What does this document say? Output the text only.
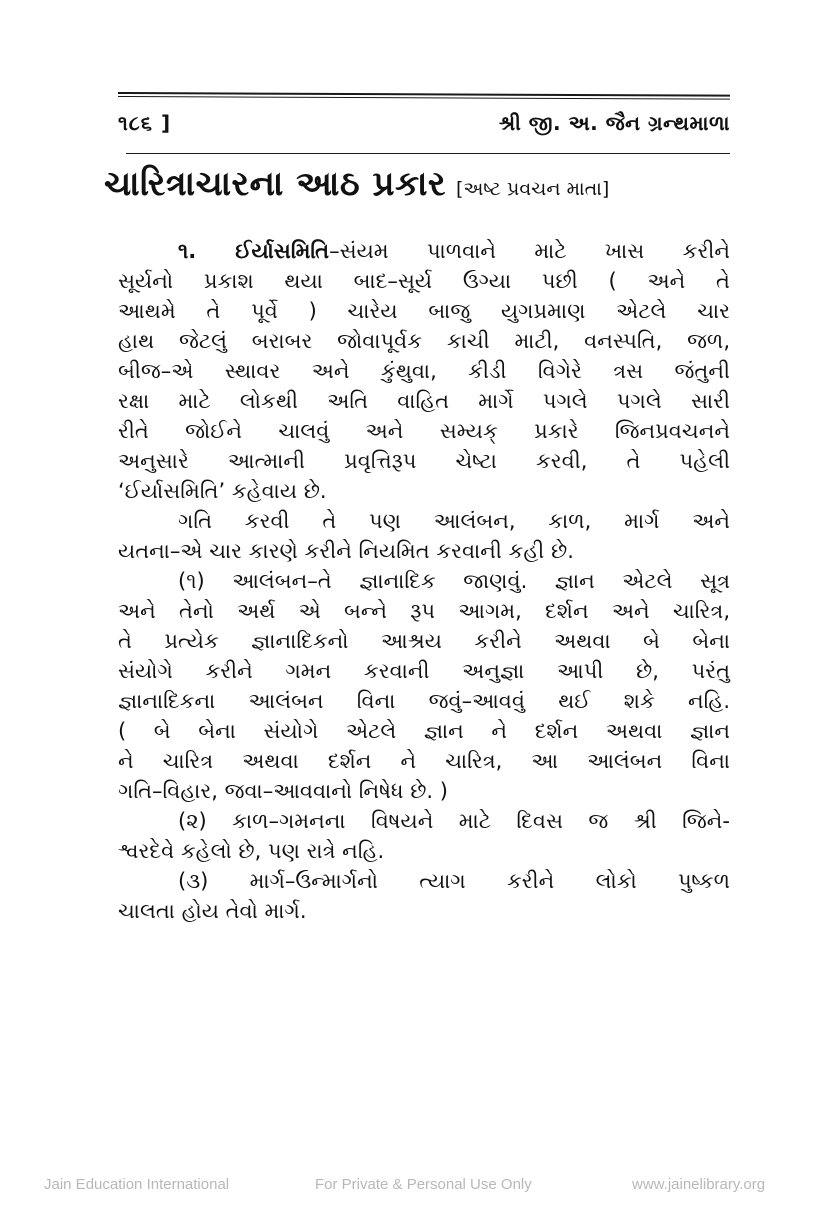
૧૮૬ ]	શ્રી જી. અ. જૈન ગ્રન્થમાળા
ચારિત્રાચારના આઠ પ્રકાર [અષ્ટ પ્રવચન માતા]
૧. ઈર્યાસમિતિ–સંયમ પાળવાને માટે ખાસ કરીને
સૂર્યનો પ્રકાશ થયા બાદ–સૂર્ય ઉગ્યા પછી ( અને તે
આથમે તે પૂર્વે ) ચારેય બાજુ યુગપ્રમાણ એટલે ચાર
હાથ જેટલું બરાબર જોવાપૂર્વક કાચી માટી, વનસ્પતિ, જળ,
બીજ–એ સ્થાવર અને કુંથુવા, કીડી વિગેરે ત્રસ જંતુની
રક્ષા માટે લોકથી અતિ વાહિત માર્ગે પગલે પગલે સારી
રીતે જોઈને ચાલવું અને સમ્યક્ પ્રકારે જિનપ્રવચનને
અનુસારે આત્માની પ્રવૃત્તિરૂપ ચેષ્ટા કરવી, તે પહેલી
‘ઈર્યાસમિતિ’ કહેવાય છે.
ગતિ કરવી તે પણ આલંબન, કાળ, માર્ગ અને
યતના–એ ચાર કારણે કરીને નિયમિત કરવાની કહી છે.
(૧) આલંબન–તે જ્ઞાનાદિક જાણવું. જ્ઞાન એટલે સૂત્ર
અને તેનો અર્થ એ બન્ને રૂપ આગમ, દર્શન અને ચારિત્ર,
તે પ્રત્યેક જ્ઞાનાદિકનો આશ્રય કરીને અથવા બે બેના
સંયોગે કરીને ગમન કરવાની અનુજ્ઞા આપી છે, પરંતુ
જ્ઞાનાદિકના આલંબન વિના જવું–આવવું થઈ શકે નહિ.
( બે બેના સંયોગે એટલે જ્ઞાન ને દર્શન અથવા જ્ઞાન
ને ચારિત્ર અથવા દર્શન ને ચારિત્ર, આ આલંબન વિના
ગતિ–વિહાર, જવા–આવવાનો નિષેધ છે. )
(૨) કાળ–ગમનના વિષયને માટે દિવસ જ શ્રી જિને-
શ્વરદેવે કહેલો છે, પણ રાત્રે નહિ.
(૩) માર્ગ–ઉન્માર્ગનો ત્યાગ કરીને લોકો પુષ્કળ
ચાલતા હોય તેવો માર્ગ.
Jain Education International	For Private & Personal Use Only	www.jainelibrary.org
